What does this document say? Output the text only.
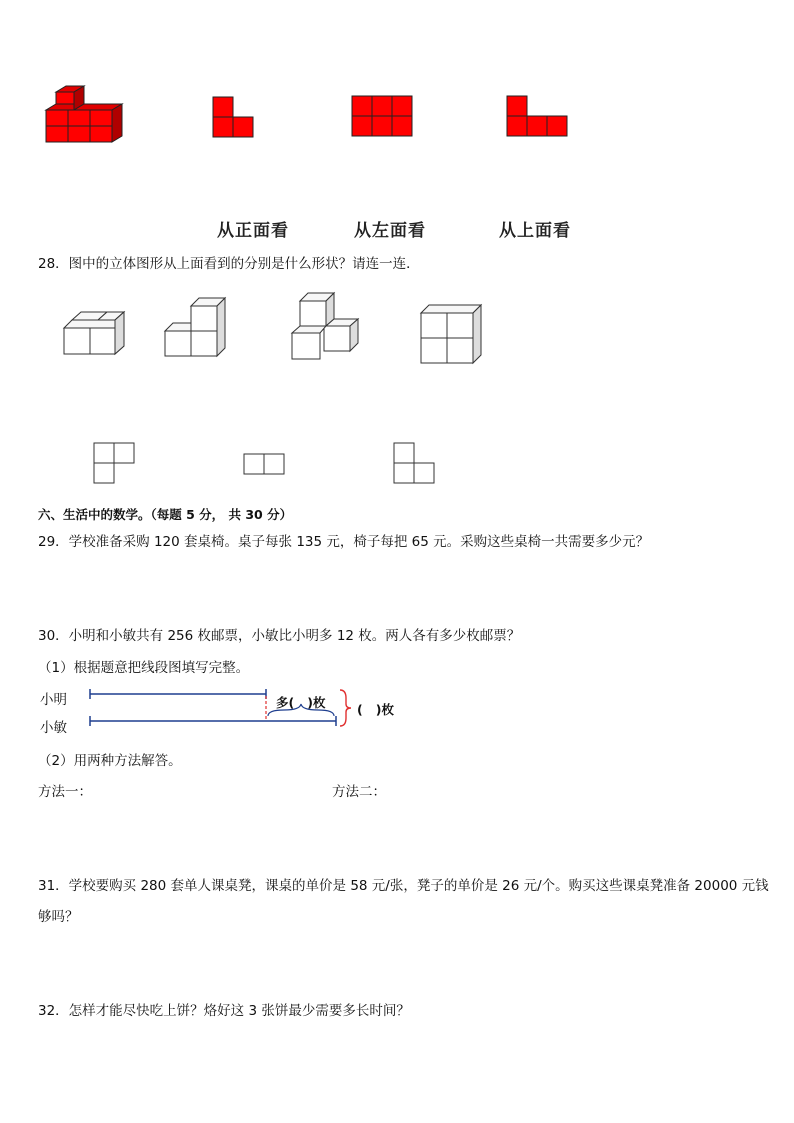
从正面看	从左面看	从上面看
28．图中的立体图形从上面看到的分别是什么形状？请连一连．
六、生活中的数学。（每题 5 分， 共 30 分）
29．学校准备采购 120 套桌椅。桌子每张 135 元，椅子每把 65 元。采购这些桌椅一共需要多少元？
30．小明和小敏共有 256 枚邮票，小敏比小明多 12 枚。两人各有多少枚邮票？
（1）根据题意把线段图填写完整。
小明
小敏
多(   )枚	(   )枚
（2）用两种方法解答。
方法一：	方法二：
31．学校要购买 280 套单人课桌凳，课桌的单价是 58 元/张，凳子的单价是 26 元/个。购买这些课桌凳准备 20000 元钱
够吗？
32．怎样才能尽快吃上饼？烙好这 3 张饼最少需要多长时间？
